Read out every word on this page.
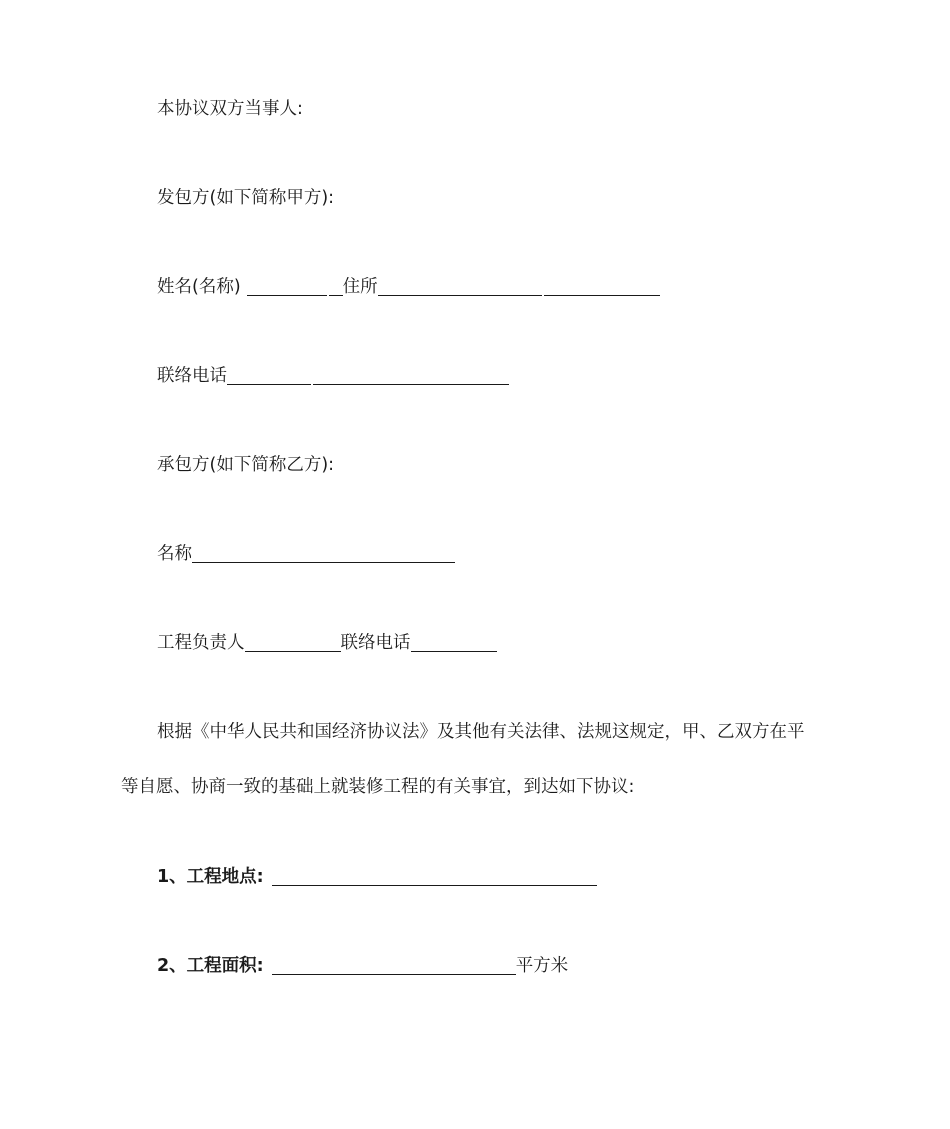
本协议双方当事人:
发包方(如下简称甲方):
姓名(名称)	住所
联络电话
承包方(如下简称乙方):
名称
工程负责人	联络电话
根据《中华人民共和国经济协议法》及其他有关法律、法规这规定，甲、乙双方在平
等自愿、协商一致的基础上就装修工程的有关事宜，到达如下协议:
1、工程地点:
2、工程面积:	平方米
